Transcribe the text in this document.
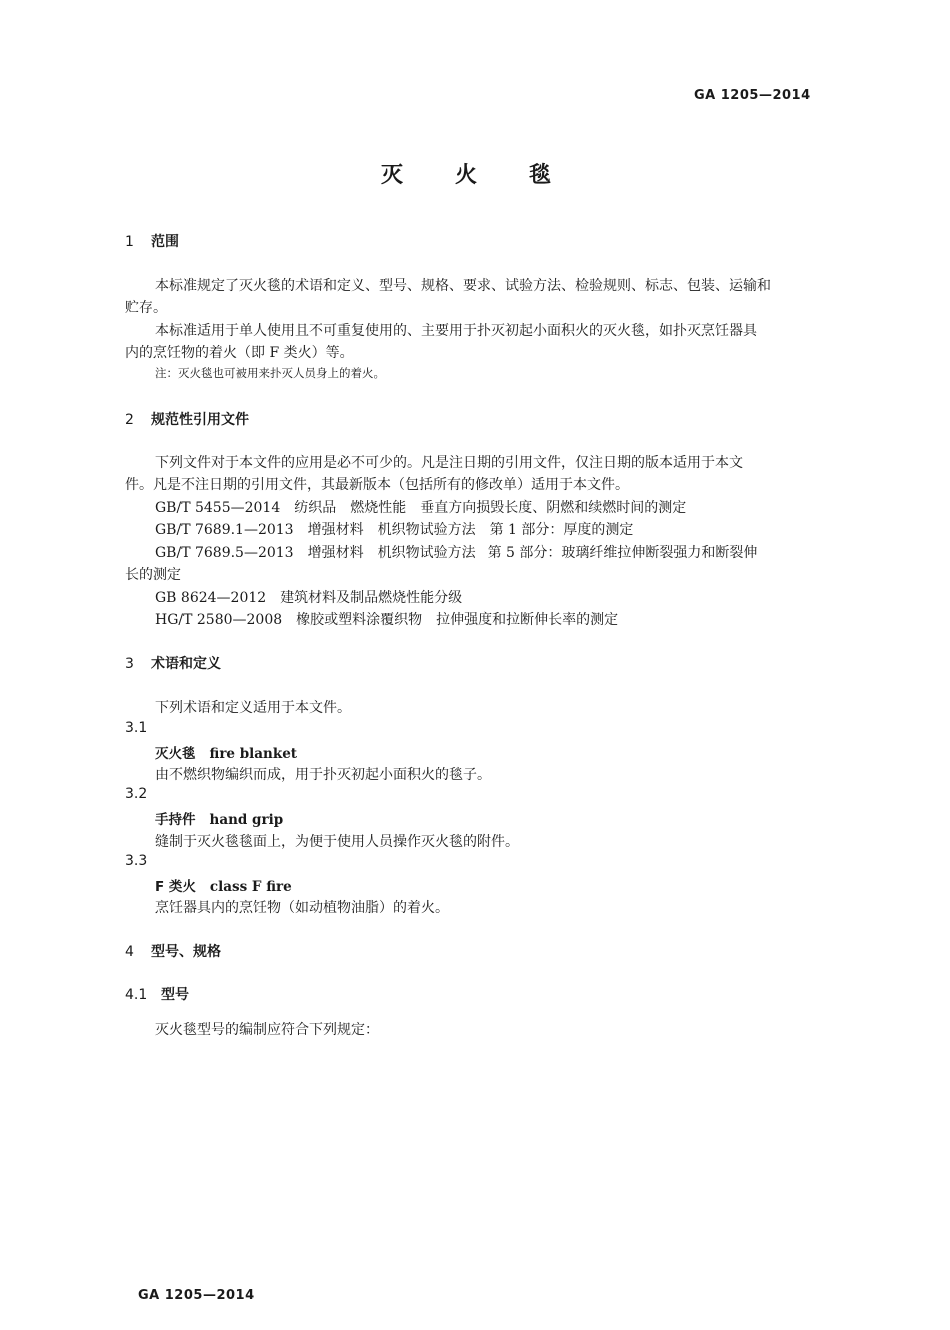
GA 1205—2014
灭火毯
1 范围
本标准规定了灭火毯的术语和定义、型号、规格、要求、试验方法、检验规则、标志、包装、运输和
贮存。
本标准适用于单人使用且不可重复使用的、主要用于扑灭初起小面积火的灭火毯，如扑灭烹饪器具
内的烹饪物的着火（即 F 类火）等。
注：灭火毯也可被用来扑灭人员身上的着火。
2 规范性引用文件
下列文件对于本文件的应用是必不可少的。凡是注日期的引用文件，仅注日期的版本适用于本文
件。凡是不注日期的引用文件，其最新版本（包括所有的修改单）适用于本文件。
GB/T 5455—2014 纺织品 燃烧性能 垂直方向损毁长度、阴燃和续燃时间的测定
GB/T 7689.1—2013 增强材料 机织物试验方法 第 1 部分：厚度的测定
GB/T 7689.5—2013 增强材料 机织物试验方法 第 5 部分：玻璃纤维拉伸断裂强力和断裂伸
长的测定
GB 8624—2012 建筑材料及制品燃烧性能分级
HG/T 2580—2008 橡胶或塑料涂覆织物 拉伸强度和拉断伸长率的测定
3 术语和定义
下列术语和定义适用于本文件。
3.1
灭火毯 fire blanket
由不燃织物编织而成，用于扑灭初起小面积火的毯子。
3.2
手持件 hand grip
缝制于灭火毯毯面上，为便于使用人员操作灭火毯的附件。
3.3
F 类火 class F fire
烹饪器具内的烹饪物（如动植物油脂）的着火。
4 型号、规格
4.1 型号
灭火毯型号的编制应符合下列规定：
GA 1205—2014
